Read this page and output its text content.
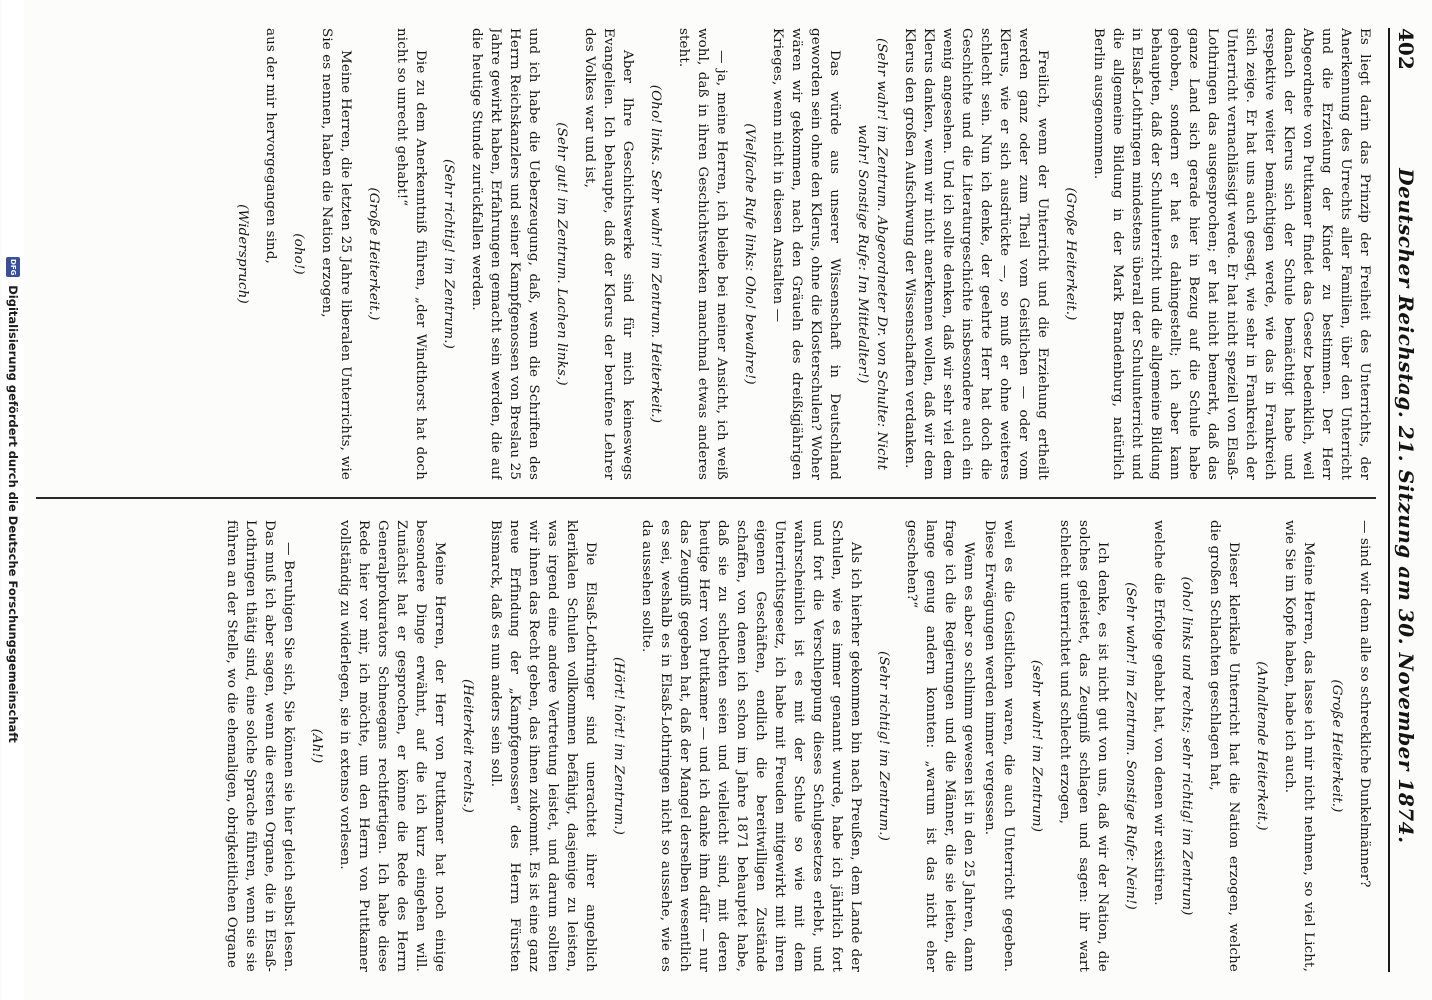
402
Deutscher Reichstag. 21. Sitzung am 30. November 1874.

Es liegt darin das Prinzip der Freiheit des Unterrichts, der Anerkennung des Urrechts aller Familien, über den Unterricht und die Erziehung der Kinder zu bestimmen. Der Herr Abgeordnete von Puttkamer findet das Gesetz bedenklich, weil danach der Klerus sich der Schule bemächtigt habe und respektive weiter bemächtigen werde, wie das in Frankreich sich zeige. Er hat uns auch gesagt, wie sehr in Frankreich der Unterricht vernachlässigt werde. Er hat nicht speziell von Elsaß-Lothringen das ausgesprochen; er hat nicht bemerkt, daß das ganze Land sich gerade hier in Bezug auf die Schule habe gehoben, sondern er hat es dahingestellt; ich aber kann behaupten, daß der Schulunterricht und die allgemeine Bildung in Elsaß-Lothringen mindestens überall der Schulunterricht und die allgemeine Bildung in der Mark Brandenburg, natürlich Berlin ausgenommen.

(Große Heiterkeit.)

Freilich, wenn der Unterricht und die Erziehung ertheilt werden ganz oder zum Theil vom Geistlichen — oder vom Klerus, wie er sich ausdrückte —, so muß er ohne weiteres schlecht sein. Nun ich denke, der geehrte Herr hat doch die Geschichte und die Literaturgeschichte insbesondere auch ein wenig angesehen. Und ich sollte denken, daß wir sehr viel dem Klerus danken, wenn wir nicht anerkennen wollen, daß wir dem Klerus den großen Aufschwung der Wissenschaften verdanken.

(Sehr wahr! im Zentrum. Abgeordneter Dr. von Schulte: Nicht wahr! Sonstige Rufe: Im Mittelalter!)

Das würde aus unserer Wissenschaft in Deutschland geworden sein ohne den Klerus, ohne die Klosterschulen? Woher wären wir gekommen, nach den Gräueln des dreißigjährigen Krieges, wenn nicht in diesen Anstalten —

(Vielfache Rufe links: Oho! bewahre!)

— ja, meine Herren, ich bleibe bei meiner Ansicht, ich weiß wohl, daß in ihren Geschichtswerken manchmal etwas anderes steht.

(Oho! links. Sehr wahr! im Zentrum. Heiterkeit.)

Aber Ihre Geschichtswerke sind für mich keineswegs Evangelien. Ich behaupte, daß der Klerus der berufene Lehrer des Volkes war und ist,

(Sehr gut! im Zentrum. Lachen links.)

und ich habe die Ueberzeugung, daß, wenn die Schriften des Herrn Reichskanzlers und seiner Kampfgenossen von Breslau 25 Jahre gewirkt haben, Erfahrungen gemacht sein werden, die auf die heutige Stunde zurückfallen werden.

(Sehr richtig! im Zentrum.)

Die zu dem Anerkenntniß führen, „der Windthorst hat doch nicht so unrecht gehabt!“

(Große Heiterkeit.)

Meine Herren, die letzten 25 Jahre liberalen Unterrichts, wie Sie es nennen, haben die Nation erzogen,

(oho!)

aus der mir hervorgegangen sind,

(Widerspruch)

— sind wir denn alle so schreckliche Dunkelmänner?

(Große Heiterkeit.)

Meine Herren, das lasse ich mir nicht nehmen, so viel Licht, wie Sie im Kopfe haben, habe ich auch.

(Anhaltende Heiterkeit.)

Dieser klerikale Unterricht hat die Nation erzogen, welche die großen Schlachten geschlagen hat,

(oho! links und rechts; sehr richtig! im Zentrum)

welche die Erfolge gehabt hat, von denen wir existiren.

(Sehr wahr! im Zentrum. Sonstige Rufe: Nein!)

Ich denke, es ist nicht gut von uns, daß wir der Nation, die solches geleistet, das Zeugniß schlagen und sagen: ihr wart schlecht unterrichtet und schlecht erzogen,

(sehr wahr! im Zentrum)

weil es die Geistlichen waren, die auch Unterricht gegeben. Diese Erwägungen werden immer vergessen.

Wenn es aber so schlimm gewesen ist in den 25 Jahren, dann frage ich die Regierungen und die Männer, die sie leiten, die lange genug andern konnten: „warum ist das nicht eher geschehen?“

(Sehr richtig! im Zentrum.)

Als ich hierher gekommen bin nach Preußen, dem Lande der Schulen, wie es immer genannt wurde, habe ich jährlich fort und fort die Verschleppung dieses Schulgesetzes erlebt, und wahrscheinlich ist es mit der Schule so wie mit dem Unterrichtsgesetz, ich habe mit Freuden mitgewirkt mit ihren eigenen Geschäften, endlich die bereitwilligen Zustände schaffen, von denen ich schon im Jahre 1871 behauptet habe, daß sie zu schlechten seien und vielleicht sind, mit deren heutige Herr von Puttkamer — und ich danke ihm dafür — nur das Zeugniß gegeben hat, daß der Mangel derselben wesentlich es sei, weshalb es in Elsaß-Lothringen nicht so aussehe, wie es da aussehen sollte.

(Hört! hört! im Zentrum.)

Die Elsaß-Lothringer sind unerachtet ihrer angeblich klerikalen Schulen vollkommen befähigt, dasjenige zu leisten, was irgend eine andere Vertretung leistet, und darum sollten wir ihnen das Recht geben, das ihnen zukommt. Es ist eine ganz neue Erfindung der „Kampfgenossen“ des Herrn Fürsten Bismarck, daß es nun anders sein soll.

(Heiterkeit rechts.)

Meine Herren, der Herr von Puttkamer hat noch einige besondere Dinge erwähnt, auf die ich kurz eingehen will. Zunächst hat er gesprochen, er könne die Rede des Herrn Generalprokurators Schneegans rechtfertigen. Ich habe diese Rede hier vor mir, ich möchte, um den Herrn von Puttkamer vollständig zu widerlegen, sie in extenso vorlesen.

(Ah!)

— Beruhigen Sie sich, Sie können sie hier gleich selbst lesen. Das muß ich aber sagen, wenn die ersten Organe, die in Elsaß-Lothringen thätig sind, eine solche Sprache führen, wenn sie sie führen an der Stelle, wo die ehemaligen, obrigkeitlichen Organe

DFG
Digitalisierung gefördert durch die Deutsche Forschungsgemeinschaft
